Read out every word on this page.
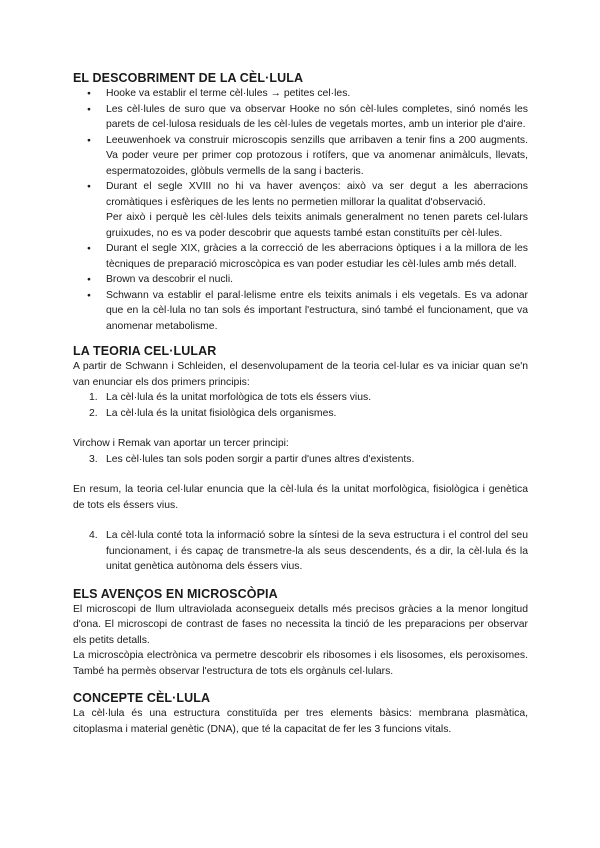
EL DESCOBRIMENT DE LA CÈL·LULA
● Hooke va establir el terme cèl·lules → petites cel·les.
● Les cèl·lules de suro que va observar Hooke no són cèl·lules completes, sinó només les parets de cel·lulosa residuals de les cèl·lules de vegetals mortes, amb un interior ple d'aire.
● Leeuwenhoek va construir microscopis senzills que arribaven a tenir fins a 200 augments. Va poder veure per primer cop protozous i rotífers, que va anomenar animàlculs, llevats, espermatozoides, glòbuls vermells de la sang i bacteris.
● Durant el segle XVIII no hi va haver avenços: això va ser degut a les aberracions cromàtiques i esfèriques de les lents no permetien millorar la qualitat d'observació.
Per això i perquè les cèl·lules dels teixits animals generalment no tenen parets cel·lulars gruixudes, no es va poder descobrir que aquests també estan constituïts per cèl·lules.
● Durant el segle XIX, gràcies a la correcció de les aberracions òptiques i a la millora de les tècniques de preparació microscòpica es van poder estudiar les cèl·lules amb més detall.
● Brown va descobrir el nucli.
● Schwann va establir el paral·lelisme entre els teixits animals i els vegetals. Es va adonar que en la cèl·lula no tan sols és important l'estructura, sinó també el funcionament, que va anomenar metabolisme.
LA TEORIA CEL·LULAR

A partir de Schwann i Schleiden, el desenvolupament de la teoria cel·lular es va iniciar quan se'n van enunciar els dos primers principis:

1. La cèl·lula és la unitat morfològica de tots els éssers vius.
2. La cèl·lula és la unitat fisiològica dels organismes.

Virchow i Remak van aportar un tercer principi:

3. Les cèl·lules tan sols poden sorgir a partir d'unes altres d'existents.

En resum, la teoria cel·lular enuncia que la cèl·lula és la unitat morfològica, fisiològica i genètica de tots els éssers vius.

4. La cèl·lula conté tota la informació sobre la síntesi de la seva estructura i el control del seu funcionament, i és capaç de transmetre-la als seus descendents, és a dir, la cèl·lula és la unitat genètica autònoma dels éssers vius.
ELS AVENÇOS EN MICROSCÒPIA

El microscopi de llum ultraviolada aconsegueix detalls més precisos gràcies a la menor longitud d'ona. El microscopi de contrast de fases no necessita la tinció de les preparacions per observar els petits detalls.

La microscòpia electrònica va permetre descobrir els ribosomes i els lisosomes, els peroxisomes. També ha permès observar l'estructura de tots els orgànuls cel·lulars.

CONCEPTE CÈL·LULA

La cèl·lula és una estructura constituïda per tres elements bàsics: membrana plasmàtica, citoplasma i material genètic (DNA), que té la capacitat de fer les 3 funcions vitals.
